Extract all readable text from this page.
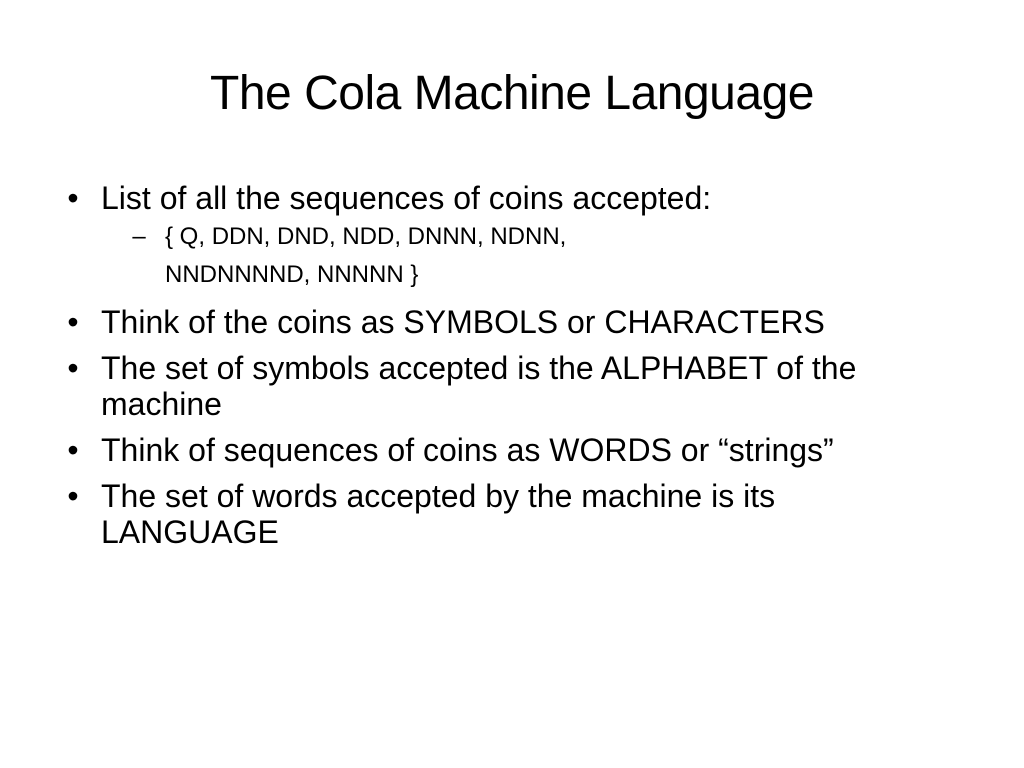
The Cola Machine Language
• List of all the sequences of coins accepted:
– { Q, DDN, DND, NDD, DNNN, NDNN,
NNDNNNND, NNNNN }
• Think of the coins as SYMBOLS or CHARACTERS
• The set of symbols accepted is the ALPHABET of the machine
• Think of sequences of coins as WORDS or “strings”
• The set of words accepted by the machine is its LANGUAGE
